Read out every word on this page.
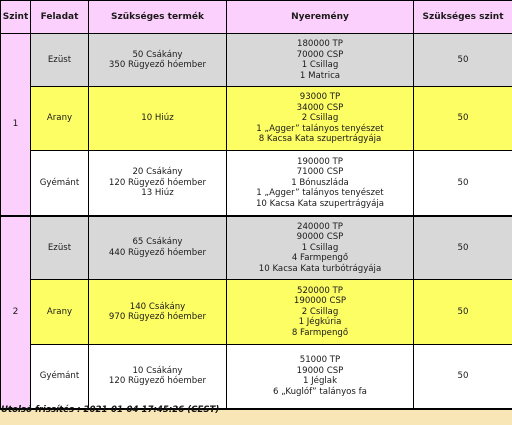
Szint	Feladat	Szükséges termék	Nyeremény	Szükséges szint
1	Ezüst	50 Csákány
350 Rügyező hóember	180000 TP
70000 CSP
1 Csillag
1 Matrica	50
	Arany	10 Hiúz	93000 TP
34000 CSP
2 Csillag
1 „Agger” talányos tenyészet
8 Kacsa Kata szupertrágyája	50
	Gyémánt	20 Csákány
120 Rügyező hóember
13 Hiúz	190000 TP
71000 CSP
1 Bónuszláda
1 „Agger” talányos tenyészet
10 Kacsa Kata szupertrágyája	50
2	Ezüst	65 Csákány
440 Rügyező hóember	240000 TP
90000 CSP
1 Csillag
4 Farmpengő
10 Kacsa Kata turbótrágyája	50
	Arany	140 Csákány
970 Rügyező hóember	520000 TP
190000 CSP
2 Csillag
1 Jégkúria
8 Farmpengő	50
	Gyémánt	10 Csákány
120 Rügyező hóember	51000 TP
19000 CSP
1 Jéglak
6 „Kuglóf” talányos fa	50
Utolsó frissítés : 2021-01-04 17:45:26 (CEST)
